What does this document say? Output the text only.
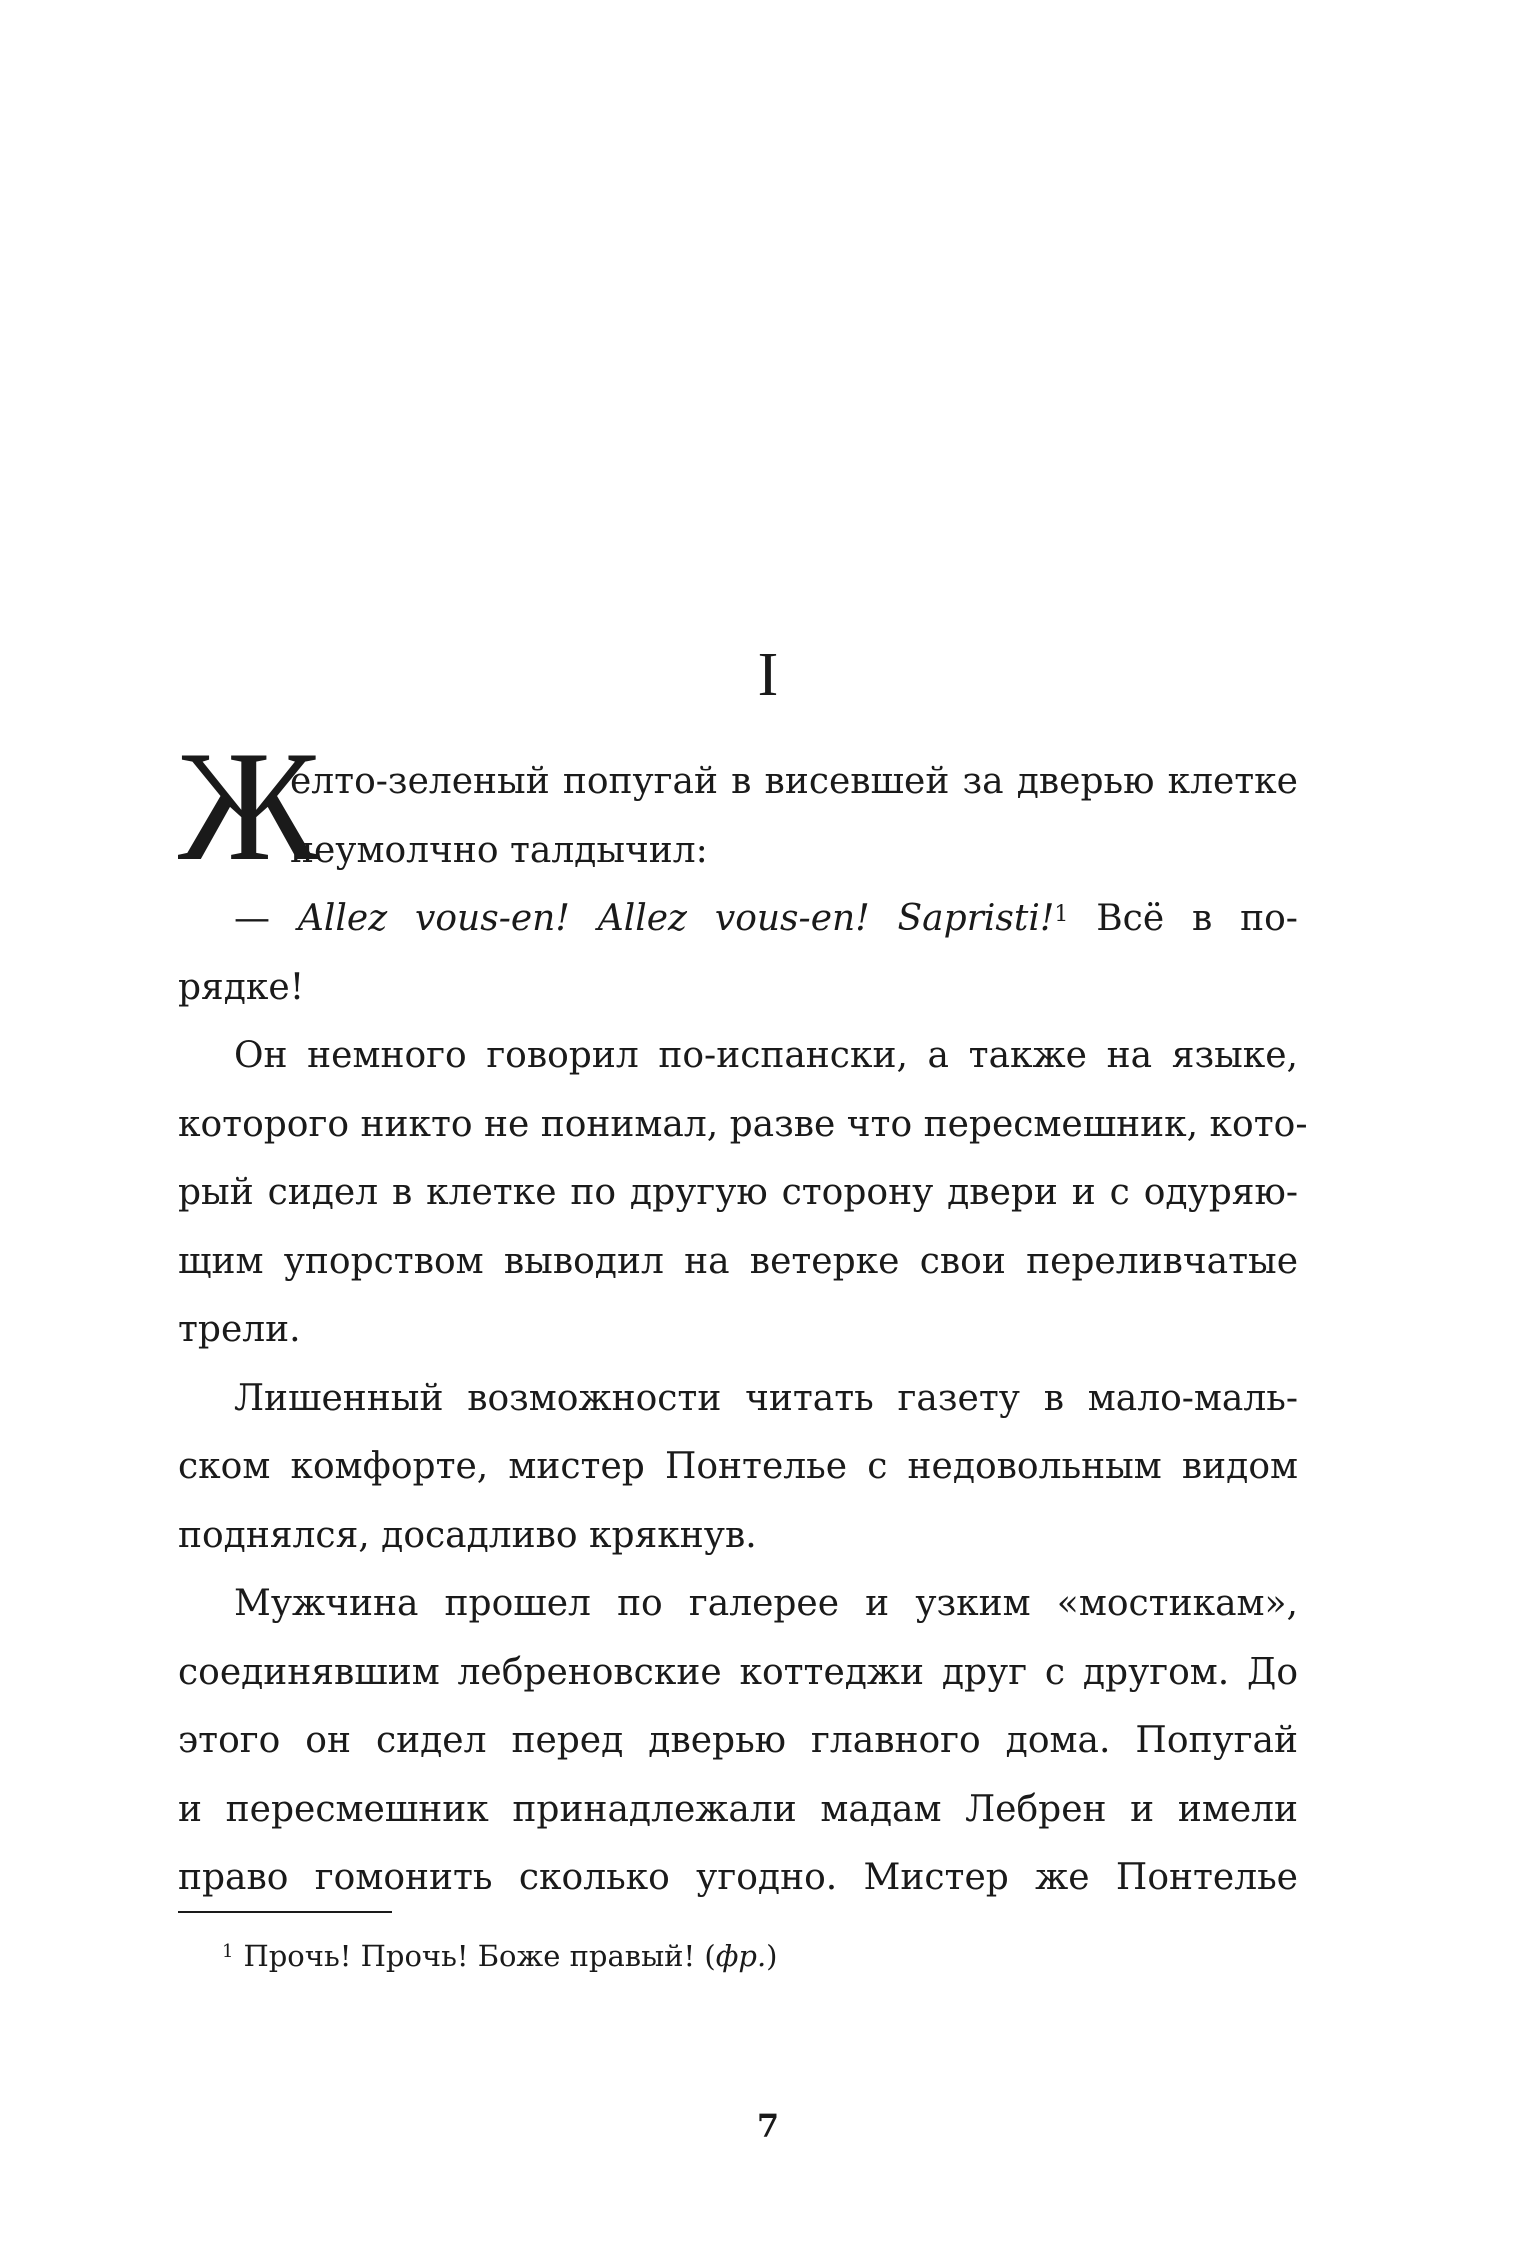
I
Ж
елто-зеленый попугай в висевшей за дверью клетке
неумолчно талдычил:
— Allez vous-en! Allez vous-en! Sapristi!$^1$ Всё в по-
рядке!
Он немного говорил по-испански, а также на языке,
которого никто не понимал, разве что пересмешник, кото-
рый сидел в клетке по другую сторону двери и с одуряю-
щим упорством выводил на ветерке свои переливчатые
трели.
Лишенный возможности читать газету в мало-маль-
ском комфорте, мистер Понтелье с недовольным видом
поднялся, досадливо крякнув.
Мужчина прошел по галерее и узким «мостикам»,
соединявшим лебреновские коттеджи друг с другом. До
этого он сидел перед дверью главного дома. Попугай
и пересмешник принадлежали мадам Лебрен и имели
право гомонить сколько угодно. Мистер же Понтелье
$^1$ Прочь! Прочь! Боже правый! (фр.)
7
